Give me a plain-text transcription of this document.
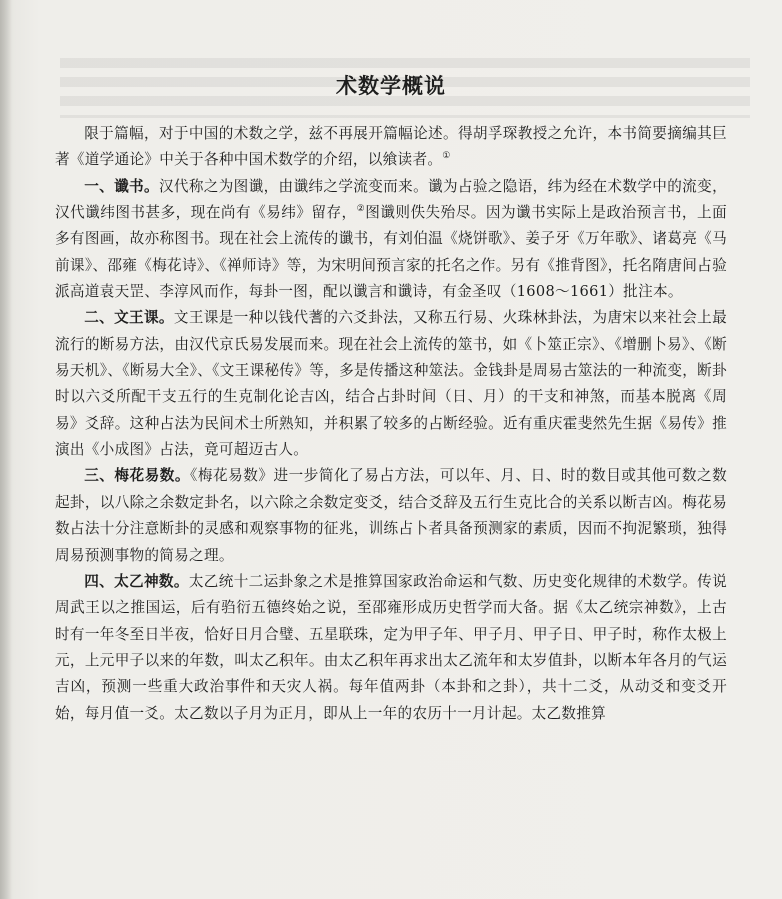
术数学概说

限于篇幅，对于中国的术数之学，兹不再展开篇幅论述。得胡孚琛教授之允许，本书简要摘编其巨著《道学通论》中关于各种中国术数学的介绍，以飨读者。①

一、谶书。汉代称之为图谶，由谶纬之学流变而来。谶为占验之隐语，纬为经在术数学中的流变，汉代谶纬图书甚多，现在尚有《易纬》留存，②图谶则佚失殆尽。因为谶书实际上是政治预言书，上面多有图画，故亦称图书。现在社会上流传的谶书，有刘伯温《烧饼歌》、姜子牙《万年歌》、诸葛亮《马前课》、邵雍《梅花诗》、《禅师诗》等，为宋明间预言家的托名之作。另有《推背图》，托名隋唐间占验派高道袁天罡、李淳风而作，每卦一图，配以谶言和谶诗，有金圣叹（1608～1661）批注本。

二、文王课。文王课是一种以钱代蓍的六爻卦法，又称五行易、火珠林卦法，为唐宋以来社会上最流行的断易方法，由汉代京氏易发展而来。现在社会上流传的筮书，如《卜筮正宗》、《增删卜易》、《断易天机》、《断易大全》、《文王课秘传》等，多是传播这种筮法。金钱卦是周易古筮法的一种流变，断卦时以六爻所配干支五行的生克制化论吉凶，结合占卦时间（日、月）的干支和神煞，而基本脱离《周易》爻辞。这种占法为民间术士所熟知，并积累了较多的占断经验。近有重庆霍斐然先生据《易传》推演出《小成图》占法，竟可超迈古人。

三、梅花易数。《梅花易数》进一步简化了易占方法，可以年、月、日、时的数目或其他可数之数起卦，以八除之余数定卦名，以六除之余数定变爻，结合爻辞及五行生克比合的关系以断吉凶。梅花易数占法十分注意断卦的灵感和观察事物的征兆，训练占卜者具备预测家的素质，因而不拘泥繁琐，独得周易预测事物的简易之理。

四、太乙神数。太乙统十二运卦象之术是推算国家政治命运和气数、历史变化规律的术数学。传说周武王以之推国运，后有驺衍五德终始之说，至邵雍形成历史哲学而大备。据《太乙统宗神数》，上古时有一年冬至日半夜，恰好日月合璧、五星联珠，定为甲子年、甲子月、甲子日、甲子时，称作太极上元，上元甲子以来的年数，叫太乙积年。由太乙积年再求出太乙流年和太岁值卦，以断本年各月的气运吉凶，预测一些重大政治事件和天灾人祸。每年值两卦（本卦和之卦），共十二爻，从动爻和变爻开始，每月值一爻。太乙数以子月为正月，即从上一年的农历十一月计起。太乙数推算
